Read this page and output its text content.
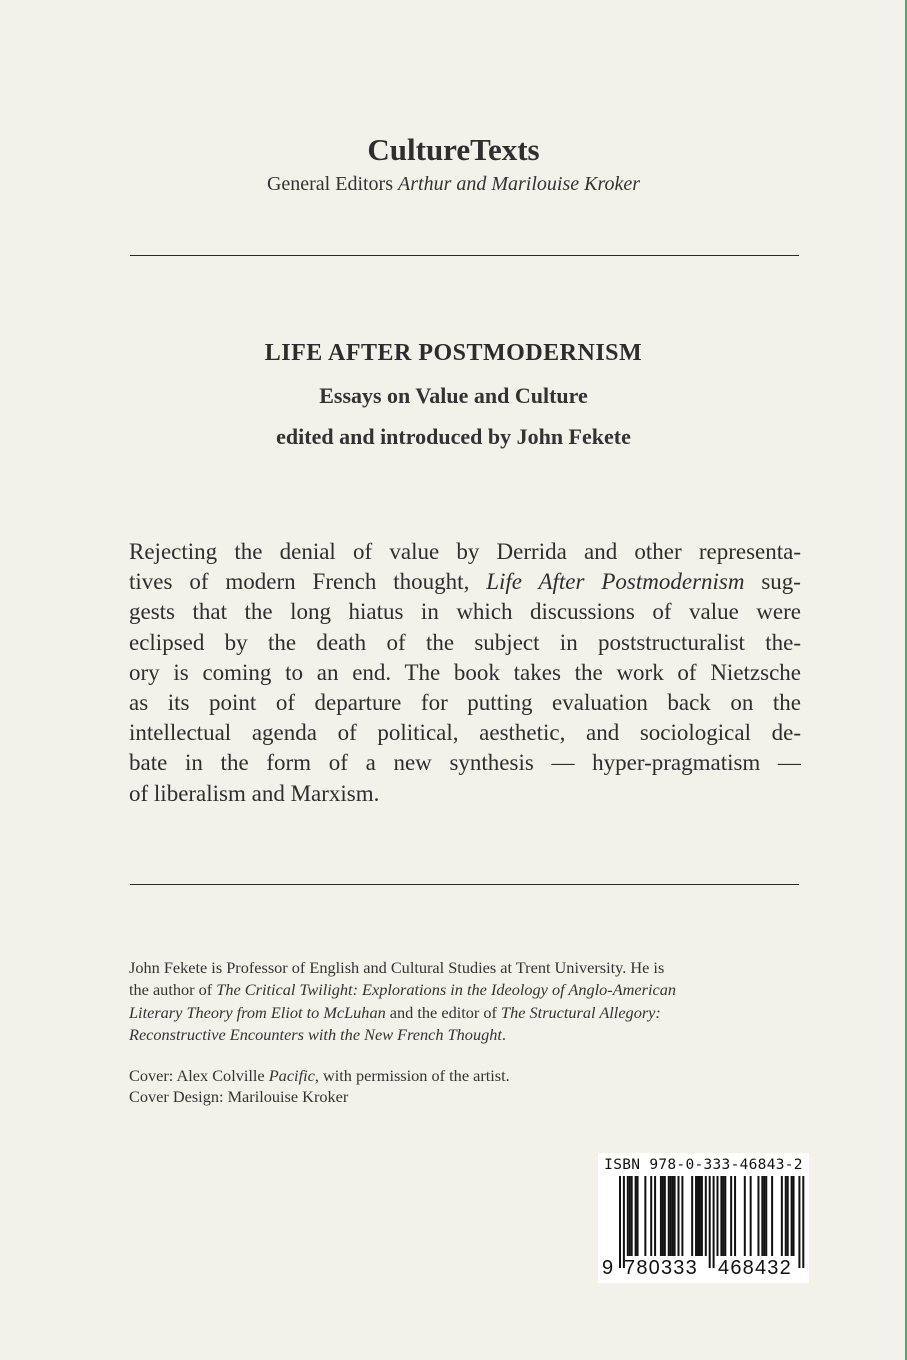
CultureTexts
General Editors Arthur and Marilouise Kroker
LIFE AFTER POSTMODERNISM
Essays on Value and Culture
edited and introduced by John Fekete
Rejecting the denial of value by Derrida and other representa-
tives of modern French thought, Life After Postmodernism sug-
gests that the long hiatus in which discussions of value were
eclipsed by the death of the subject in poststructuralist the-
ory is coming to an end. The book takes the work of Nietzsche
as its point of departure for putting evaluation back on the
intellectual agenda of political, aesthetic, and sociological de-
bate in the form of a new synthesis — hyper-pragmatism —
of liberalism and Marxism.
John Fekete is Professor of English and Cultural Studies at Trent University. He is
the author of The Critical Twilight: Explorations in the Ideology of Anglo-American
Literary Theory from Eliot to McLuhan and the editor of The Structural Allegory:
Reconstructive Encounters with the New French Thought.
Cover: Alex Colville Pacific, with permission of the artist.
Cover Design: Marilouise Kroker
ISBN 978-0-333-46843-2
9 780333 468432
